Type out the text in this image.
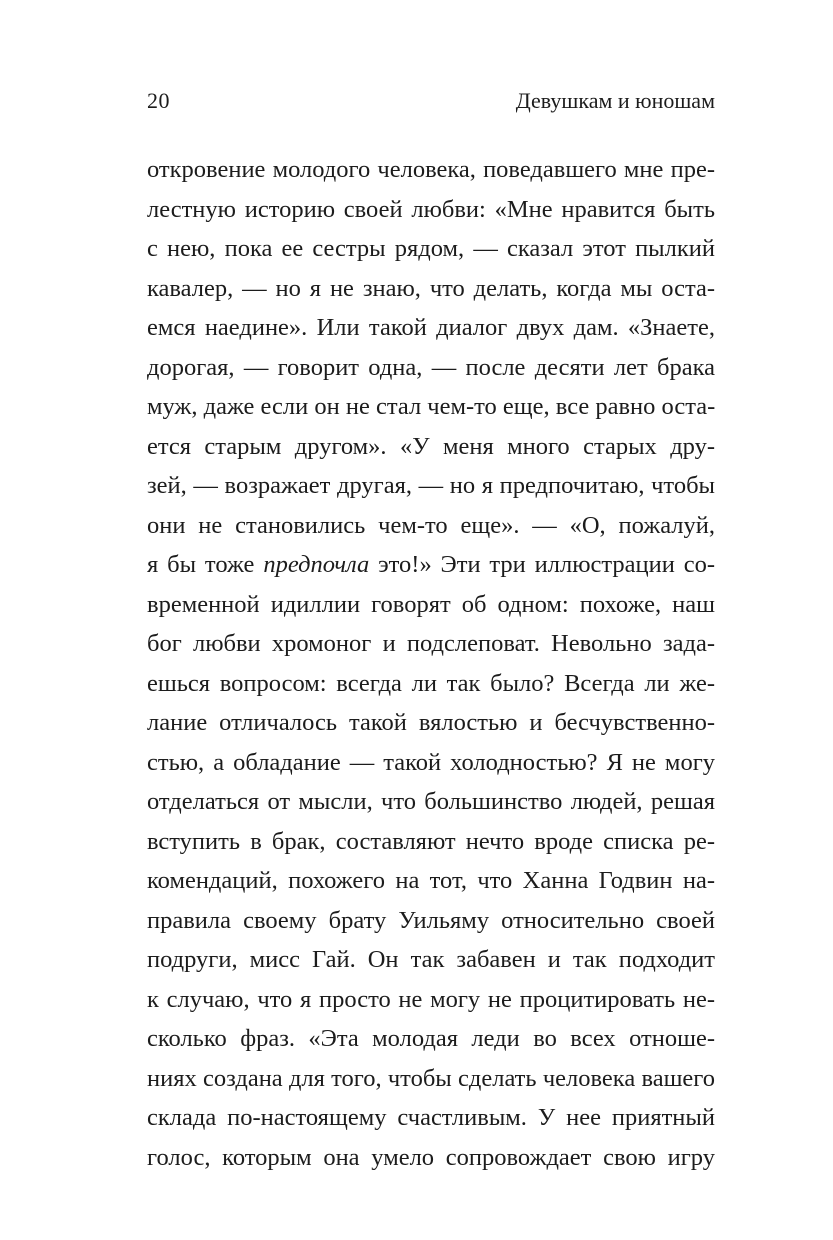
20	Девушкам и юношам
откровение молодого человека, поведавшего мне пре-
лестную историю своей любви: «Мне нравится быть
с нею, пока ее сестры рядом, — сказал этот пылкий
кавалер, — но я не знаю, что делать, когда мы оста-
емся наедине». Или такой диалог двух дам. «Знаете,
дорогая, — говорит одна, — после десяти лет брака
муж, даже если он не стал чем-то еще, все равно оста-
ется старым другом». «У меня много старых дру-
зей, — возражает другая, — но я предпочитаю, чтобы
они не становились чем-то еще». — «О, пожалуй,
я бы тоже предпочла это!» Эти три иллюстрации со-
временной идиллии говорят об одном: похоже, наш
бог любви хромоног и подслеповат. Невольно зада-
ешься вопросом: всегда ли так было? Всегда ли же-
лание отличалось такой вялостью и бесчувственно-
стью, а обладание — такой холодностью? Я не могу
отделаться от мысли, что большинство людей, решая
вступить в брак, составляют нечто вроде списка ре-
комендаций, похожего на тот, что Ханна Годвин на-
правила своему брату Уильяму относительно своей
подруги, мисс Гай. Он так забавен и так подходит
к случаю, что я просто не могу не процитировать не-
сколько фраз. «Эта молодая леди во всех отноше-
ниях создана для того, чтобы сделать человека вашего
склада по-настоящему счастливым. У нее приятный
голос, которым она умело сопровождает свою игру
